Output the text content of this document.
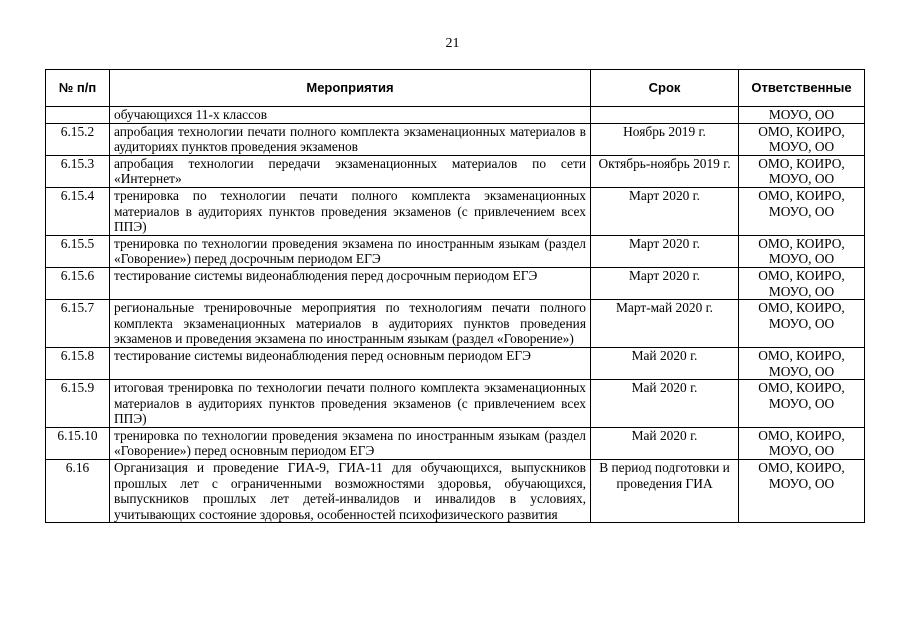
21
№ п/п	Мероприятия	Срок	Ответственные
	обучающихся 11-х классов		МОУО, ОО
6.15.2	апробация технологии печати полного комплекта экзаменационных материалов в аудиториях пунктов проведения экзаменов	Ноябрь 2019 г.	ОМО, КОИРО, МОУО, ОО
6.15.3	апробация технологии передачи экзаменационных материалов по сети «Интернет»	Октябрь-ноябрь 2019 г.	ОМО, КОИРО, МОУО, ОО
6.15.4	тренировка по технологии печати полного комплекта экзаменационных материалов в аудиториях пунктов проведения экзаменов (с привлечением всех ППЭ)	Март 2020 г.	ОМО, КОИРО, МОУО, ОО
6.15.5	тренировка по технологии проведения экзамена по иностранным языкам (раздел «Говорение») перед досрочным периодом ЕГЭ	Март 2020 г.	ОМО, КОИРО, МОУО, ОО
6.15.6	тестирование системы видеонаблюдения перед досрочным периодом ЕГЭ	Март 2020 г.	ОМО, КОИРО, МОУО, ОО
6.15.7	региональные тренировочные мероприятия по технологиям печати полного комплекта экзаменационных материалов в аудиториях пунктов проведения экзаменов и проведения экзамена по иностранным языкам (раздел «Говорение»)	Март-май 2020 г.	ОМО, КОИРО, МОУО, ОО
6.15.8	тестирование системы видеонаблюдения перед основным периодом ЕГЭ	Май 2020 г.	ОМО, КОИРО, МОУО, ОО
6.15.9	итоговая тренировка по технологии печати полного комплекта экзаменационных материалов в аудиториях пунктов проведения экзаменов (с привлечением всех ППЭ)	Май 2020 г.	ОМО, КОИРО, МОУО, ОО
6.15.10	тренировка по технологии проведения экзамена по иностранным языкам (раздел «Говорение») перед основным периодом ЕГЭ	Май 2020 г.	ОМО, КОИРО, МОУО, ОО
6.16	Организация и проведение ГИА-9, ГИА-11 для обучающихся, выпускников прошлых лет с ограниченными возможностями здоровья, обучающихся, выпускников прошлых лет детей-инвалидов и инвалидов в условиях, учитывающих состояние здоровья, особенностей психофизического развития	В период подготовки и проведения ГИА	ОМО, КОИРО, МОУО, ОО
